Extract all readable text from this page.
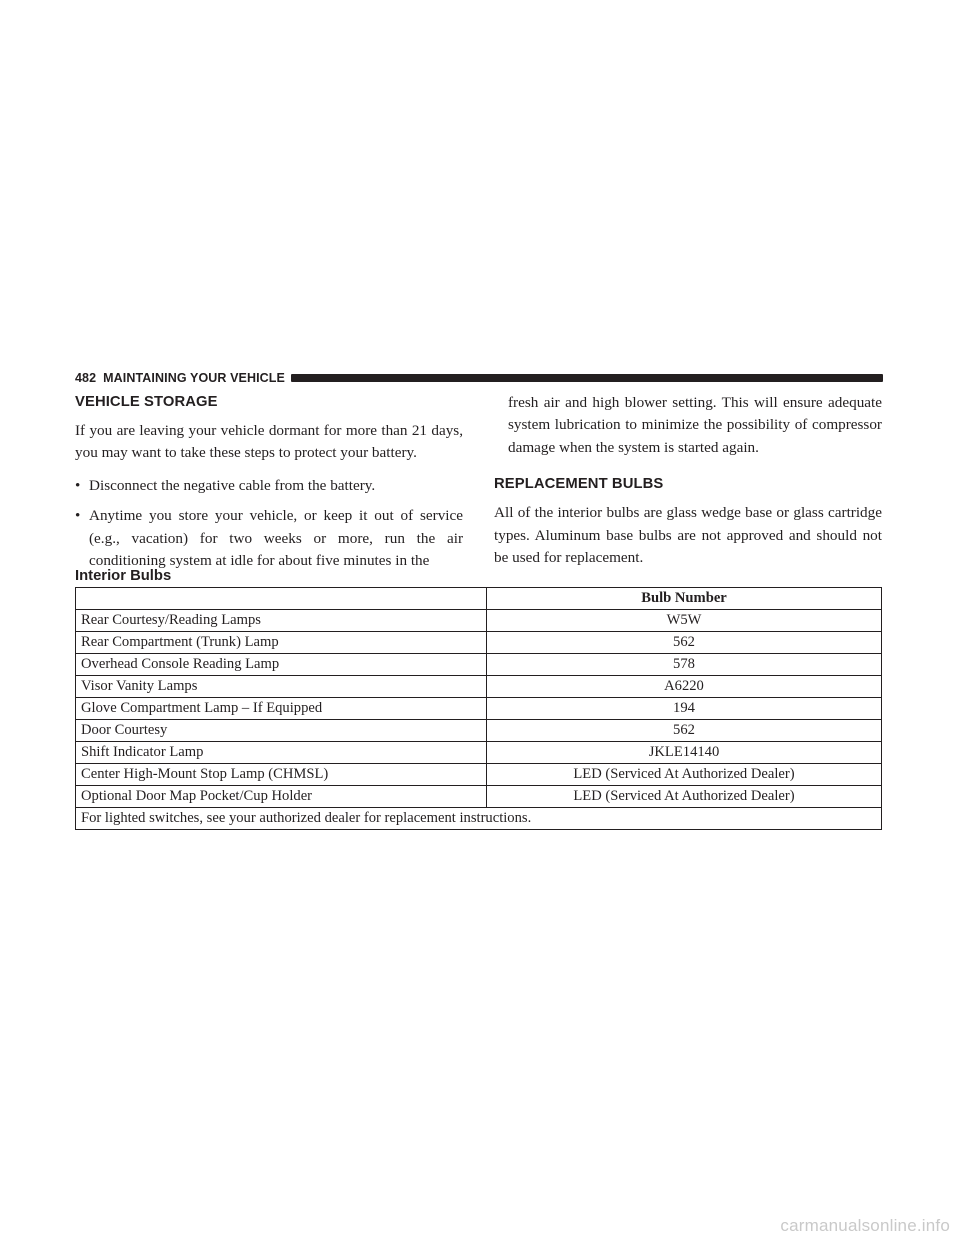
482 MAINTAINING YOUR VEHICLE
VEHICLE STORAGE

If you are leaving your vehicle dormant for more than 21 days, you may want to take these steps to protect your battery.

• Disconnect the negative cable from the battery.
• Anytime you store your vehicle, or keep it out of service (e.g., vacation) for two weeks or more, run the air conditioning system at idle for about five minutes in the

fresh air and high blower setting. This will ensure adequate system lubrication to minimize the possibility of compressor damage when the system is started again.

REPLACEMENT BULBS

All of the interior bulbs are glass wedge base or glass cartridge types. Aluminum base bulbs are not approved and should not be used for replacement.

Interior Bulbs
	Bulb Number
Rear Courtesy/Reading Lamps	W5W
Rear Compartment (Trunk) Lamp	562
Overhead Console Reading Lamp	578
Visor Vanity Lamps	A6220
Glove Compartment Lamp – If Equipped	194
Door Courtesy	562
Shift Indicator Lamp	JKLE14140
Center High-Mount Stop Lamp (CHMSL)	LED (Serviced At Authorized Dealer)
Optional Door Map Pocket/Cup Holder	LED (Serviced At Authorized Dealer)
For lighted switches, see your authorized dealer for replacement instructions.	
carmanualsonline.info
